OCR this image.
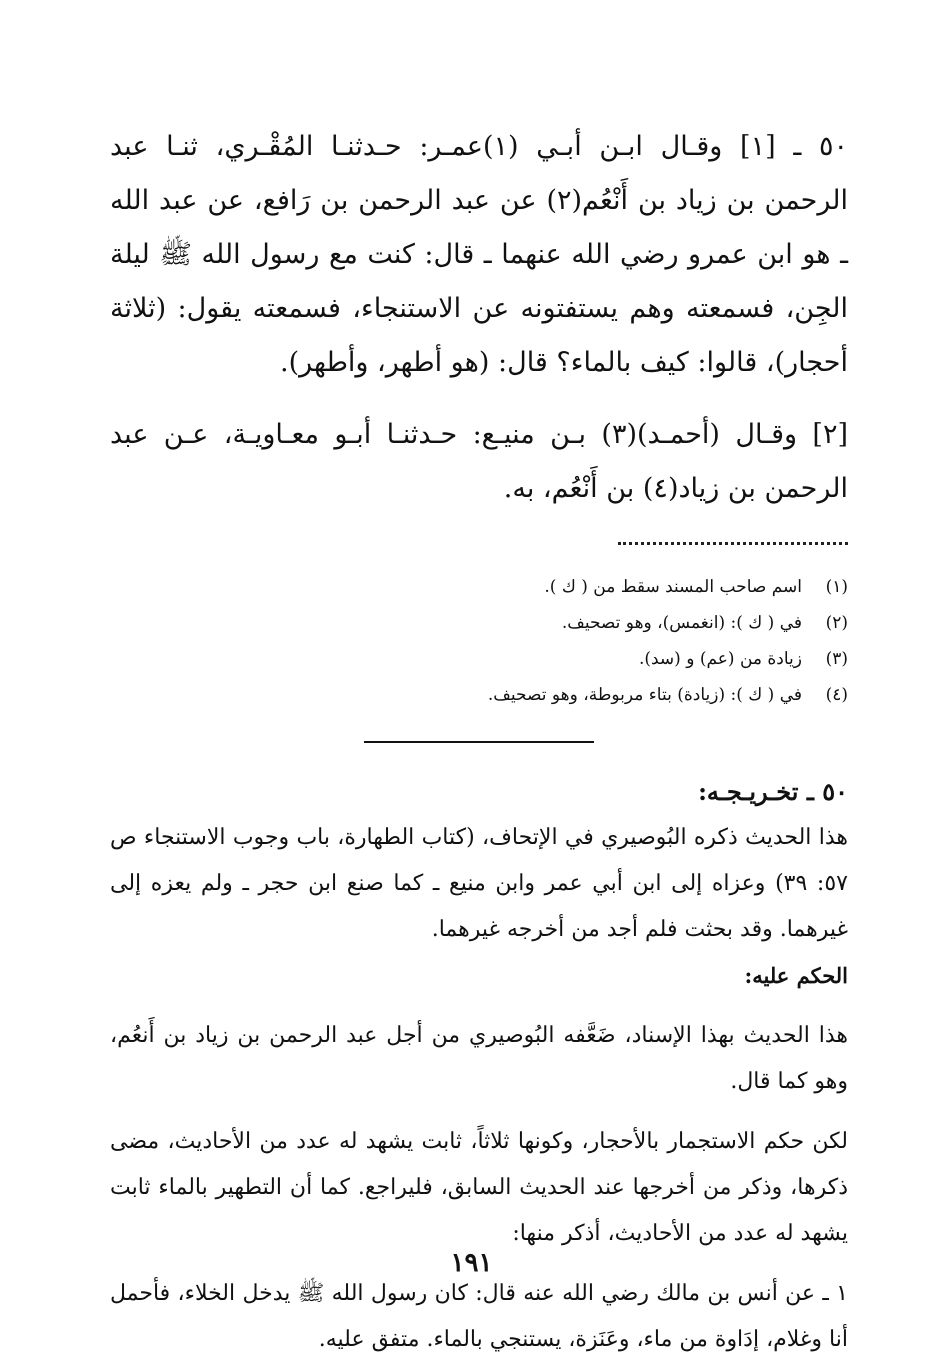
٥٠ ـ [١] وقـال ابـن أبـي (١)عمـر: حـدثنـا المُقْـري، ثنـا عبد الرحمن بن زياد بن أَنْعُم(٢) عن عبد الرحمن بن رَافع، عن عبد الله ـ هو ابن عمرو رضي الله عنهما ـ قال: كنت مع رسول الله ﷺ ليلة الجِن، فسمعته وهم يستفتونه عن الاستنجاء، فسمعته يقول: (ثلاثة أحجار)، قالوا: كيف بالماء؟ قال: (هو أطهر، وأطهر).

[٢] وقـال (أحمـد)(٣) بـن منيـع: حـدثنـا أبـو معـاويـة، عـن عبد الرحمن بن زياد(٤) بن أَنْعُم، به.

(١)
اسم صاحب المسند سقط من ( ك ).
(٢)
في ( ك ): (انغمس)، وهو تصحيف.
(٣)
زيادة من (عم) و (سد).
(٤)
في ( ك ): (زيادة) بتاء مربوطة، وهو تصحيف.
٥٠ ـ تخـريـجـه:

هذا الحديث ذكره البُوصيري في الإتحاف، (كتاب الطهارة، باب وجوب الاستنجاء ص ٥٧: ٣٩) وعزاه إلى ابن أبي عمر وابن منيع ـ كما صنع ابن حجر ـ ولم يعزه إلى غيرهما. وقد بحثت فلم أجد من أخرجه غيرهما.

الحكم عليه:

هذا الحديث بهذا الإسناد، ضَعَّفه البُوصيري من أجل عبد الرحمن بن زياد بن أَنعُم، وهو كما قال.

لكن حكم الاستجمار بالأحجار، وكونها ثلاثاً، ثابت يشهد له عدد من الأحاديث، مضى ذكرها، وذكر من أخرجها عند الحديث السابق، فليراجع. كما أن التطهير بالماء ثابت يشهد له عدد من الأحاديث، أذكر منها:

١ ـ عن أنس بن مالك رضي الله عنه قال: كان رسول الله ﷺ يدخل الخلاء، فأحمل أنا وغلام، إدَاوة من ماء، وعَنَزة، يستنجي بالماء. متفق عليه.

١٩١
